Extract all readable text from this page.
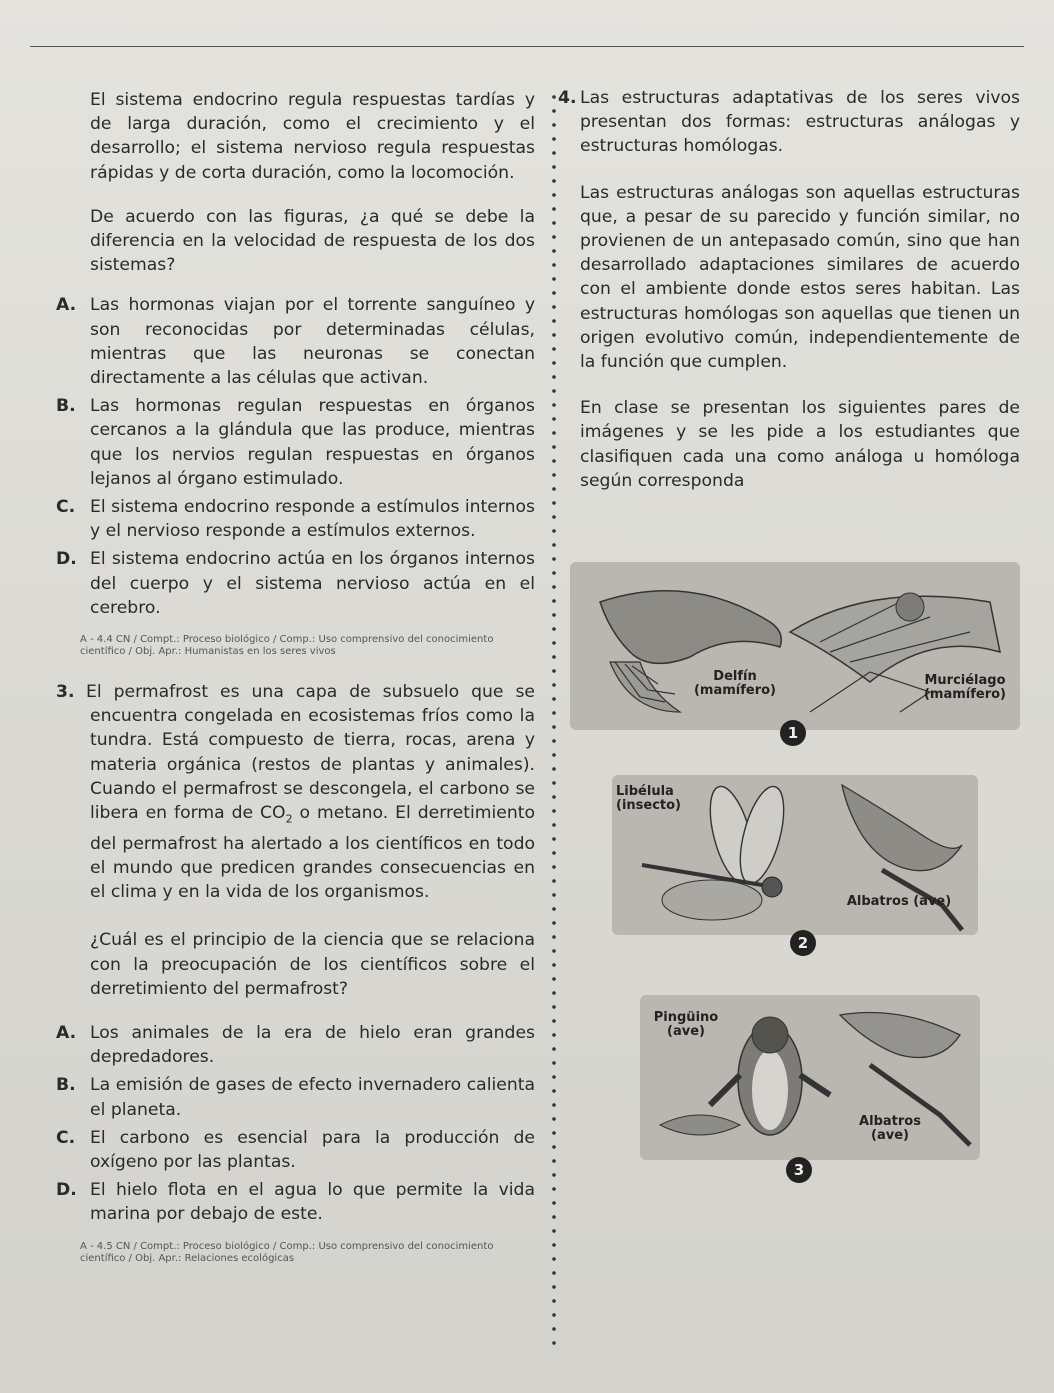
El sistema endocrino regula respuestas tardías y de larga duración, como el crecimiento y el desarrollo; el sistema nervioso regula respuestas rápidas y de corta duración, como la locomoción.

De acuerdo con las figuras, ¿a qué se debe la diferencia en la velocidad de respuesta de los dos sistemas?

A. Las hormonas viajan por el torrente sanguíneo y son reconocidas por determinadas células, mientras que las neuronas se conectan directamente a las células que activan.
B. Las hormonas regulan respuestas en órganos cercanos a la glándula que las produce, mientras que los nervios regulan respuestas en órganos lejanos al órgano estimulado.
C. El sistema endocrino responde a estímulos internos y el nervioso responde a estímulos externos.
D. El sistema endocrino actúa en los órganos internos del cuerpo y el sistema nervioso actúa en el cerebro.

A - 4.4 CN / Compt.: Proceso biológico / Comp.: Uso comprensivo del conocimiento científico / Obj. Apr.: Humanistas en los seres vivos

3. El permafrost es una capa de subsuelo que se encuentra congelada en ecosistemas fríos como la tundra. Está compuesto de tierra, rocas, arena y materia orgánica (restos de plantas y animales). Cuando el permafrost se descongela, el carbono se libera en forma de $CO_2$ o metano. El derretimiento del permafrost ha alertado a los científicos en todo el mundo que predicen grandes consecuencias en el clima y en la vida de los organismos.

¿Cuál es el principio de la ciencia que se relaciona con la preocupación de los científicos sobre el derretimiento del permafrost?

A. Los animales de la era de hielo eran grandes depredadores.
B. La emisión de gases de efecto invernadero calienta el planeta.
C. El carbono es esencial para la producción de oxígeno por las plantas.
D. El hielo flota en el agua lo que permite la vida marina por debajo de este.

A - 4.5 CN / Compt.: Proceso biológico / Comp.: Uso comprensivo del conocimiento científico / Obj. Apr.: Relaciones ecológicas

4. Las estructuras adaptativas de los seres vivos presentan dos formas: estructuras análogas y estructuras homólogas.

Las estructuras análogas son aquellas estructuras que, a pesar de su parecido y función similar, no provienen de un antepasado común, sino que han desarrollado adaptaciones similares de acuerdo con el ambiente donde estos seres habitan. Las estructuras homólogas son aquellas que tienen un origen evolutivo común, independientemente de la función que cumplen.

En clase se presentan los siguientes pares de imágenes y se les pide a los estudiantes que clasifiquen cada una como análoga u homóloga según corresponda

Delfín (mamífero)
Murciélago (mamífero)
1
Libélula (insecto)
Albatros (ave)
2
Pingüino (ave)
Albatros (ave)
3
